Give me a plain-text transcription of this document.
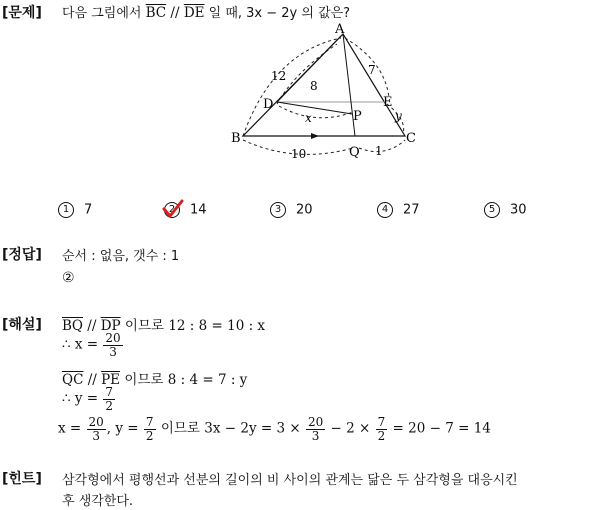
[문제] 다음 그림에서 $\overline{BC} // \overline{DE}$ 일 때, 3x − 2y 의 값은?
A
B	C
D	E
P
Q
12
8
7
x	y
10	1
1 7	2
14	3 20	4 27	5 30
[정답] 순서 : 없음, 갯수 : 1
②
[해설] $\overline{BQ} // \overline{DP}$ 이므로 12 : 8 = 10 : x
∴ $x = \frac{20}{3}$
$\overline{QC} // \overline{PE}$ 이므로 8 : 4 = 7 : y
∴ $y = \frac{7}{2}$
$x = \frac{20}{3}$ , $y = \frac{7}{2}$ 이므로 $3x - 2y = 3 \times \frac{20}{3} - 2 \times \frac{7}{2} = 20 - 7 = 14$
[힌트] 삼각형에서 평행선과 선분의 길이의 비 사이의 관계는 닮은 두 삼각형을 대응시킨
후 생각한다.
